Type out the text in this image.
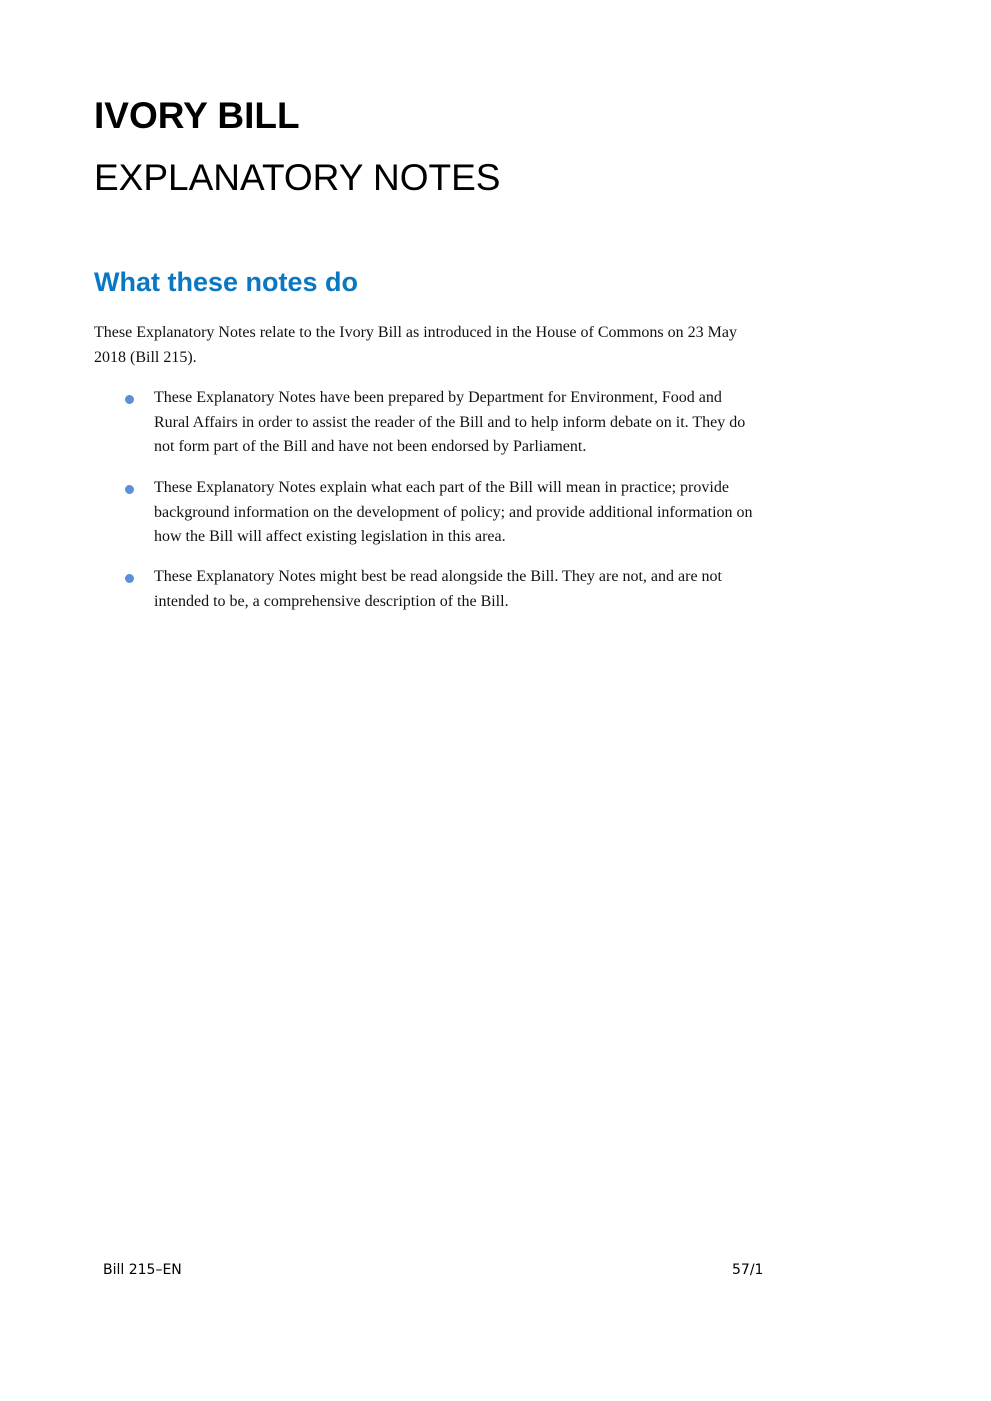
IVORY BILL
EXPLANATORY NOTES
What these notes do
These Explanatory Notes relate to the Ivory Bill as introduced in the House of Commons on 23 May
2018 (Bill 215).
These Explanatory Notes have been prepared by Department for Environment, Food and
Rural Affairs in order to assist the reader of the Bill and to help inform debate on it. They do
not form part of the Bill and have not been endorsed by Parliament.
These Explanatory Notes explain what each part of the Bill will mean in practice; provide
background information on the development of policy; and provide additional information on
how the Bill will affect existing legislation in this area.
These Explanatory Notes might best be read alongside the Bill. They are not, and are not
intended to be, a comprehensive description of the Bill.
Bill 215–EN	57/1
